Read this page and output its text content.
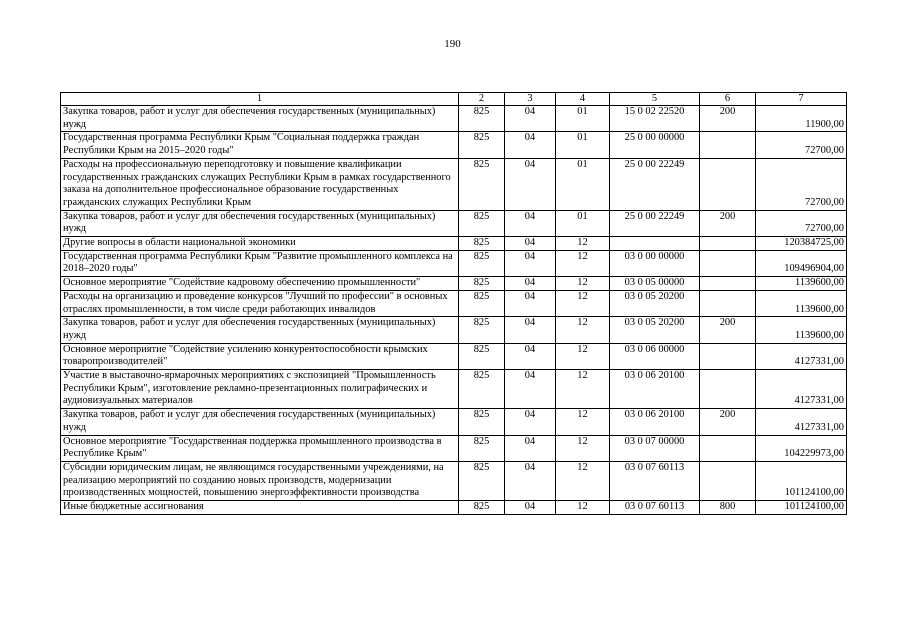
190
1	2	3	4	5	6	7
Закупка товаров, работ и услуг для обеспечения государственных (муниципальных) нужд	825	04	01	15 0 02 22520	200	11900,00
Государственная программа Республики Крым "Социальная поддержка граждан Республики Крым на 2015–2020 годы"	825	04	01	25 0 00 00000		72700,00
Расходы на профессиональную переподготовку и повышение квалификации государственных гражданских служащих Республики Крым в рамках государственного заказа на дополнительное профессиональное образование государственных гражданских служащих Республики Крым	825	04	01	25 0 00 22249		72700,00
Закупка товаров, работ и услуг для обеспечения государственных (муниципальных) нужд	825	04	01	25 0 00 22249	200	72700,00
Другие вопросы в области национальной экономики	825	04	12			120384725,00
Государственная программа Республики Крым "Развитие промышленного комплекса на 2018–2020 годы"	825	04	12	03 0 00 00000		109496904,00
Основное мероприятие "Содействие кадровому обеспечению промышленности"	825	04	12	03 0 05 00000		1139600,00
Расходы на организацию и проведение конкурсов "Лучший по профессии" в основных отраслях промышленности, в том числе среди работающих инвалидов	825	04	12	03 0 05 20200		1139600,00
Закупка товаров, работ и услуг для обеспечения государственных (муниципальных) нужд	825	04	12	03 0 05 20200	200	1139600,00
Основное мероприятие "Содействие усилению конкурентоспособности крымских товаропроизводителей"	825	04	12	03 0 06 00000		4127331,00
Участие в выставочно-ярмарочных мероприятиях с экспозицией "Промышленность Республики Крым", изготовление рекламно-презентационных полиграфических и аудиовизуальных материалов	825	04	12	03 0 06 20100		4127331,00
Закупка товаров, работ и услуг для обеспечения государственных (муниципальных) нужд	825	04	12	03 0 06 20100	200	4127331,00
Основное мероприятие "Государственная поддержка промышленного производства в Республике Крым"	825	04	12	03 0 07 00000		104229973,00
Субсидии юридическим лицам, не являющимся государственными учреждениями, на реализацию мероприятий по созданию новых производств, модернизации производственных мощностей, повышению энергоэффективности производства	825	04	12	03 0 07 60113		101124100,00
Иные бюджетные ассигнования	825	04	12	03 0 07 60113	800	101124100,00
